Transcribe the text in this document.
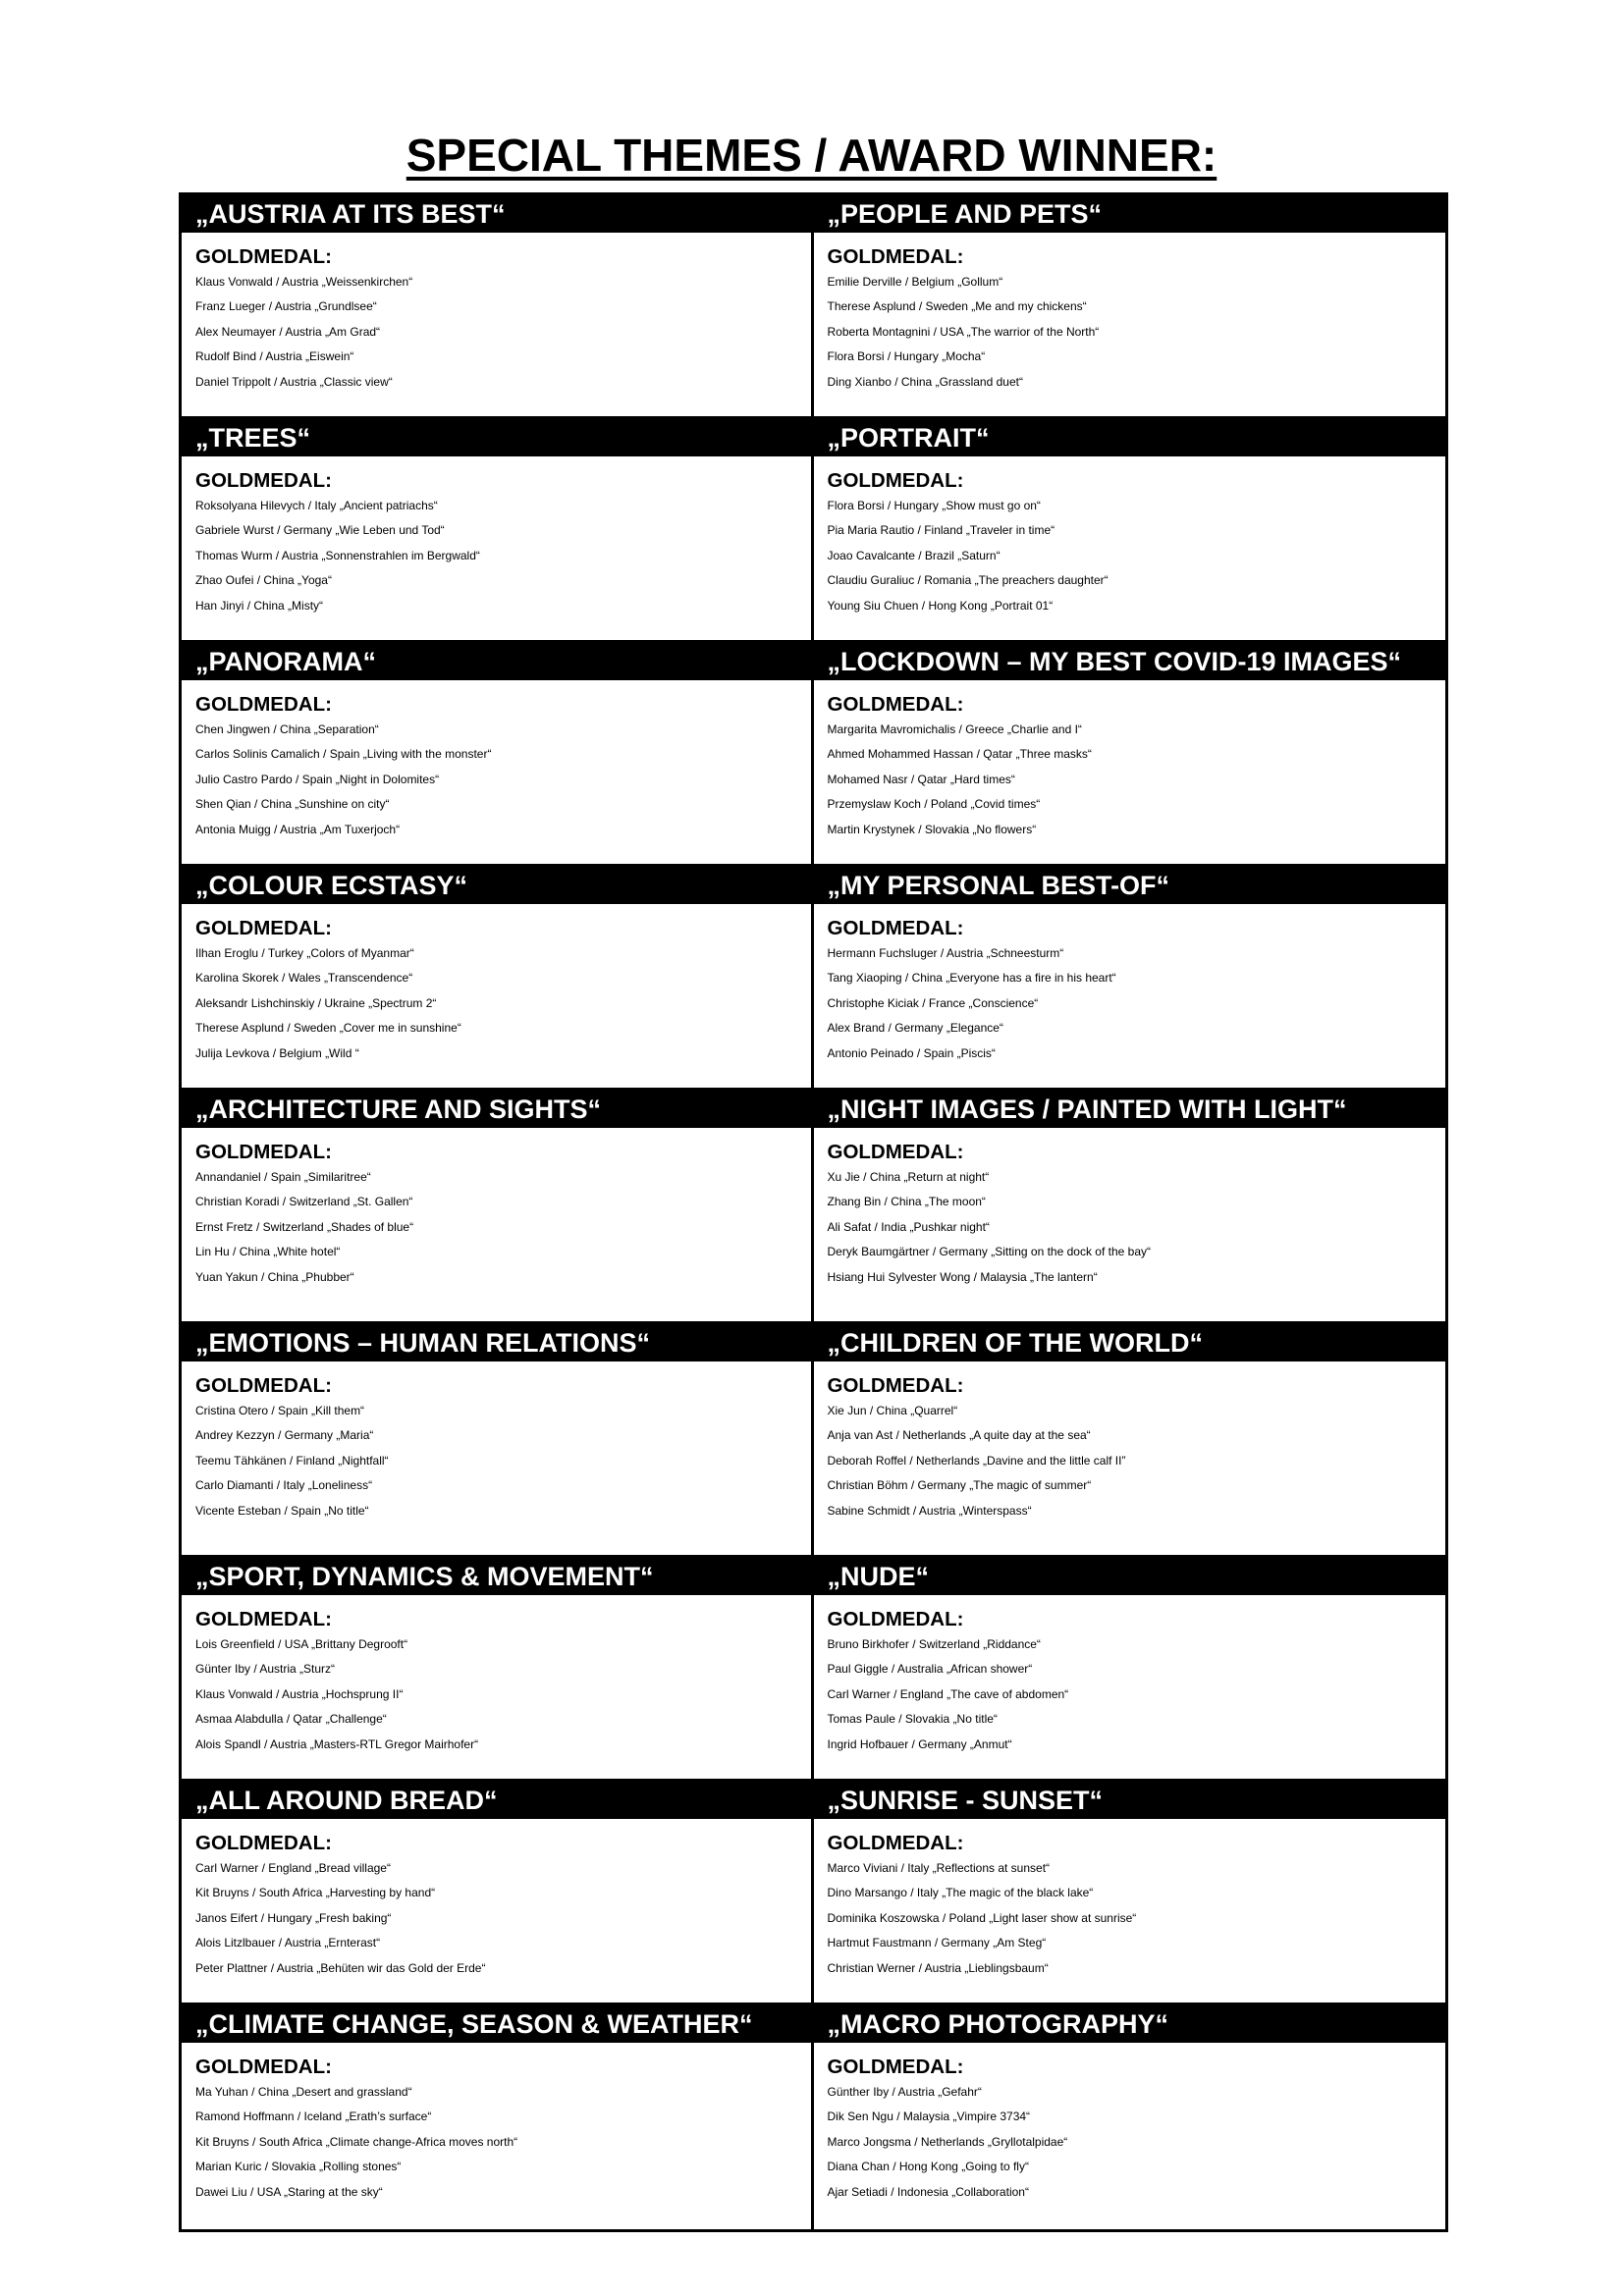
SPECIAL THEMES / AWARD WINNER:
„AUSTRIA AT ITS BEST“
GOLDMEDAL:
Klaus Vonwald / Austria „Weissenkirchen“
Franz Lueger / Austria „Grundlsee“
Alex Neumayer / Austria „Am Grad“
Rudolf Bind / Austria „Eiswein“
Daniel Trippolt / Austria „Classic view“
„PEOPLE AND PETS“
GOLDMEDAL:
Emilie Derville / Belgium „Gollum“
Therese Asplund / Sweden „Me and my chickens“
Roberta Montagnini / USA „The warrior of the North“
Flora Borsi / Hungary „Mocha“
Ding Xianbo / China „Grassland duet“
„TREES“
GOLDMEDAL:
Roksolyana Hilevych / Italy „Ancient patriachs“
Gabriele Wurst / Germany „Wie Leben und Tod“
Thomas Wurm / Austria „Sonnenstrahlen im Bergwald“
Zhao Oufei / China „Yoga“
Han Jinyi / China „Misty“
„PORTRAIT“
GOLDMEDAL:
Flora Borsi / Hungary „Show must go on“
Pia Maria Rautio / Finland „Traveler in time“
Joao Cavalcante / Brazil „Saturn“
Claudiu Guraliuc / Romania „The preachers daughter“
Young Siu Chuen / Hong Kong „Portrait 01“
„PANORAMA“
GOLDMEDAL:
Chen Jingwen / China „Separation“
Carlos Solinis Camalich / Spain „Living with the monster“
Julio Castro Pardo / Spain „Night in Dolomites“
Shen Qian / China „Sunshine on city“
Antonia Muigg / Austria „Am Tuxerjoch“
„LOCKDOWN – MY BEST COVID-19 IMAGES“
GOLDMEDAL:
Margarita Mavromichalis / Greece „Charlie and I“
Ahmed Mohammed Hassan / Qatar „Three masks“
Mohamed Nasr / Qatar „Hard times“
Przemyslaw Koch / Poland „Covid times“
Martin Krystynek / Slovakia „No flowers“
„COLOUR ECSTASY“
GOLDMEDAL:
Ilhan Eroglu / Turkey „Colors of Myanmar“
Karolina Skorek / Wales „Transcendence“
Aleksandr Lishchinskiy / Ukraine „Spectrum 2“
Therese Asplund / Sweden „Cover me in sunshine“
Julija Levkova / Belgium „Wild “
„MY PERSONAL BEST-OF“
GOLDMEDAL:
Hermann Fuchsluger / Austria „Schneesturm“
Tang Xiaoping / China „Everyone has a fire in his heart“
Christophe Kiciak / France „Conscience“
Alex Brand / Germany „Elegance“
Antonio Peinado / Spain „Piscis“
„ARCHITECTURE AND SIGHTS“
GOLDMEDAL:
Annandaniel / Spain „Similaritree“
Christian Koradi / Switzerland „St. Gallen“
Ernst Fretz / Switzerland „Shades of blue“
Lin Hu / China „White hotel“
Yuan Yakun / China „Phubber“
„NIGHT IMAGES / PAINTED WITH LIGHT“
GOLDMEDAL:
Xu Jie / China „Return at night“
Zhang Bin / China „The moon“
Ali Safat / India „Pushkar night“
Deryk Baumgärtner / Germany „Sitting on the dock of the bay“
Hsiang Hui Sylvester Wong / Malaysia „The lantern“
„EMOTIONS – HUMAN RELATIONS“
GOLDMEDAL:
Cristina Otero / Spain „Kill them“
Andrey Kezzyn / Germany „Maria“
Teemu Tähkänen / Finland „Nightfall“
Carlo Diamanti / Italy „Loneliness“
Vicente Esteban / Spain „No title“
„CHILDREN OF THE WORLD“
GOLDMEDAL:
Xie Jun / China „Quarrel“
Anja van Ast / Netherlands „A quite day at the sea“
Deborah Roffel / Netherlands „Davine and the little calf II”
Christian Böhm / Germany „The magic of summer“
Sabine Schmidt / Austria „Winterspass“
„SPORT, DYNAMICS & MOVEMENT“
GOLDMEDAL:
Lois Greenfield / USA „Brittany Degrooft“
Günter Iby / Austria „Sturz“
Klaus Vonwald / Austria „Hochsprung II“
Asmaa Alabdulla / Qatar „Challenge“
Alois Spandl / Austria „Masters-RTL Gregor Mairhofer“
„NUDE“
GOLDMEDAL:
Bruno Birkhofer / Switzerland „Riddance“
Paul Giggle / Australia „African shower“
Carl Warner / England „The cave of abdomen“
Tomas Paule / Slovakia „No title“
Ingrid Hofbauer / Germany „Anmut“
„ALL AROUND BREAD“
GOLDMEDAL:
Carl Warner / England „Bread village“
Kit Bruyns / South Africa „Harvesting by hand“
Janos Eifert / Hungary „Fresh baking“
Alois Litzlbauer / Austria „Ernterast“
Peter Plattner / Austria „Behüten wir das Gold der Erde“
„SUNRISE - SUNSET“
GOLDMEDAL:
Marco Viviani / Italy „Reflections at sunset“
Dino Marsango / Italy „The magic of the black lake“
Dominika Koszowska / Poland „Light laser show at sunrise“
Hartmut Faustmann / Germany „Am Steg“
Christian Werner / Austria „Lieblingsbaum“
„CLIMATE CHANGE, SEASON & WEATHER“
GOLDMEDAL:
Ma Yuhan / China „Desert and grassland“
Ramond Hoffmann / Iceland „Erath’s surface“
Kit Bruyns / South Africa „Climate change-Africa moves north“
Marian Kuric / Slovakia „Rolling stones“
Dawei Liu / USA „Staring at the sky“
„MACRO PHOTOGRAPHY“
GOLDMEDAL:
Günther Iby / Austria „Gefahr“
Dik Sen Ngu / Malaysia „Vimpire 3734“
Marco Jongsma / Netherlands „Gryllotalpidae“
Diana Chan / Hong Kong „Going to fly“
Ajar Setiadi / Indonesia „Collaboration“
